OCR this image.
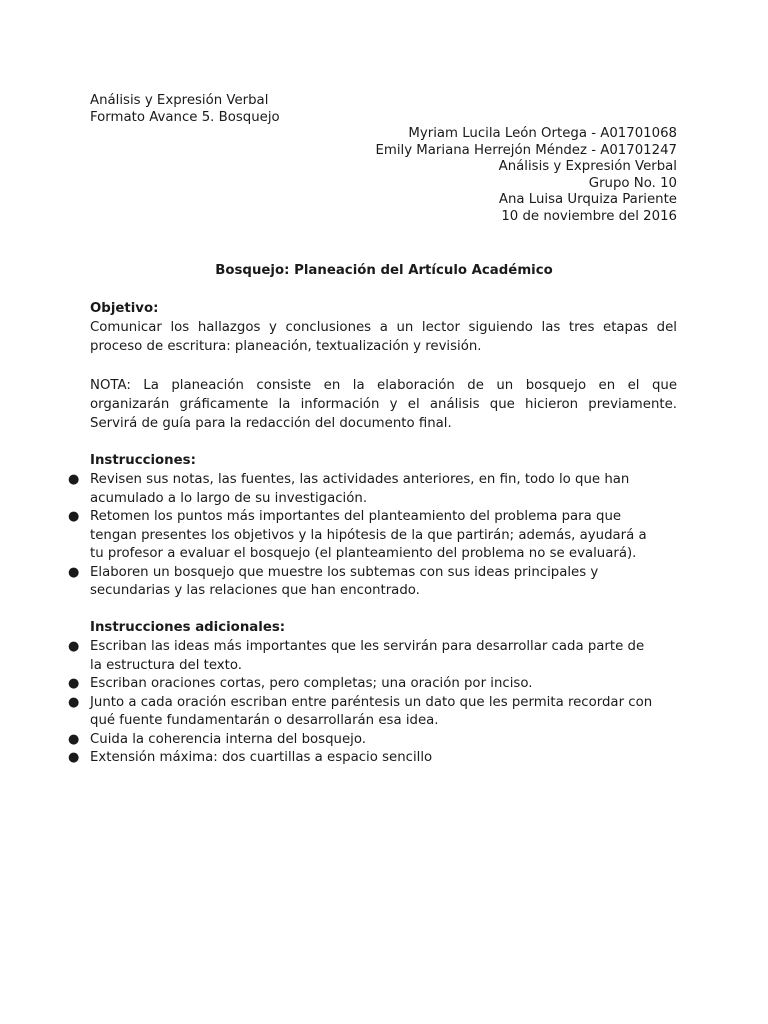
Análisis y Expresión Verbal
Formato Avance 5. Bosquejo
Myriam Lucila León Ortega - A01701068
Emily Mariana Herrejón Méndez - A01701247
Análisis y Expresión Verbal
Grupo No. 10
Ana Luisa Urquiza Pariente
10 de noviembre del 2016
Bosquejo: Planeación del Artículo Académico
Objetivo:
Comunicar los hallazgos y conclusiones a un lector siguiendo las tres etapas del
proceso de escritura: planeación, textualización y revisión.
NOTA: La planeación consiste en la elaboración de un bosquejo en el que
organizarán gráficamente la información y el análisis que hicieron previamente.
Servirá de guía para la redacción del documento final.
Instrucciones:
● Revisen sus notas, las fuentes, las actividades anteriores, en fin, todo lo que han
acumulado a lo largo de su investigación.
● Retomen los puntos más importantes del planteamiento del problema para que
tengan presentes los objetivos y la hipótesis de la que partirán; además, ayudará a
tu profesor a evaluar el bosquejo (el planteamiento del problema no se evaluará).
● Elaboren un bosquejo que muestre los subtemas con sus ideas principales y
secundarias y las relaciones que han encontrado.
Instrucciones adicionales:
● Escriban las ideas más importantes que les servirán para desarrollar cada parte de
la estructura del texto.
● Escriban oraciones cortas, pero completas; una oración por inciso.
● Junto a cada oración escriban entre paréntesis un dato que les permita recordar con
qué fuente fundamentarán o desarrollarán esa idea.
● Cuida la coherencia interna del bosquejo.
● Extensión máxima: dos cuartillas a espacio sencillo
